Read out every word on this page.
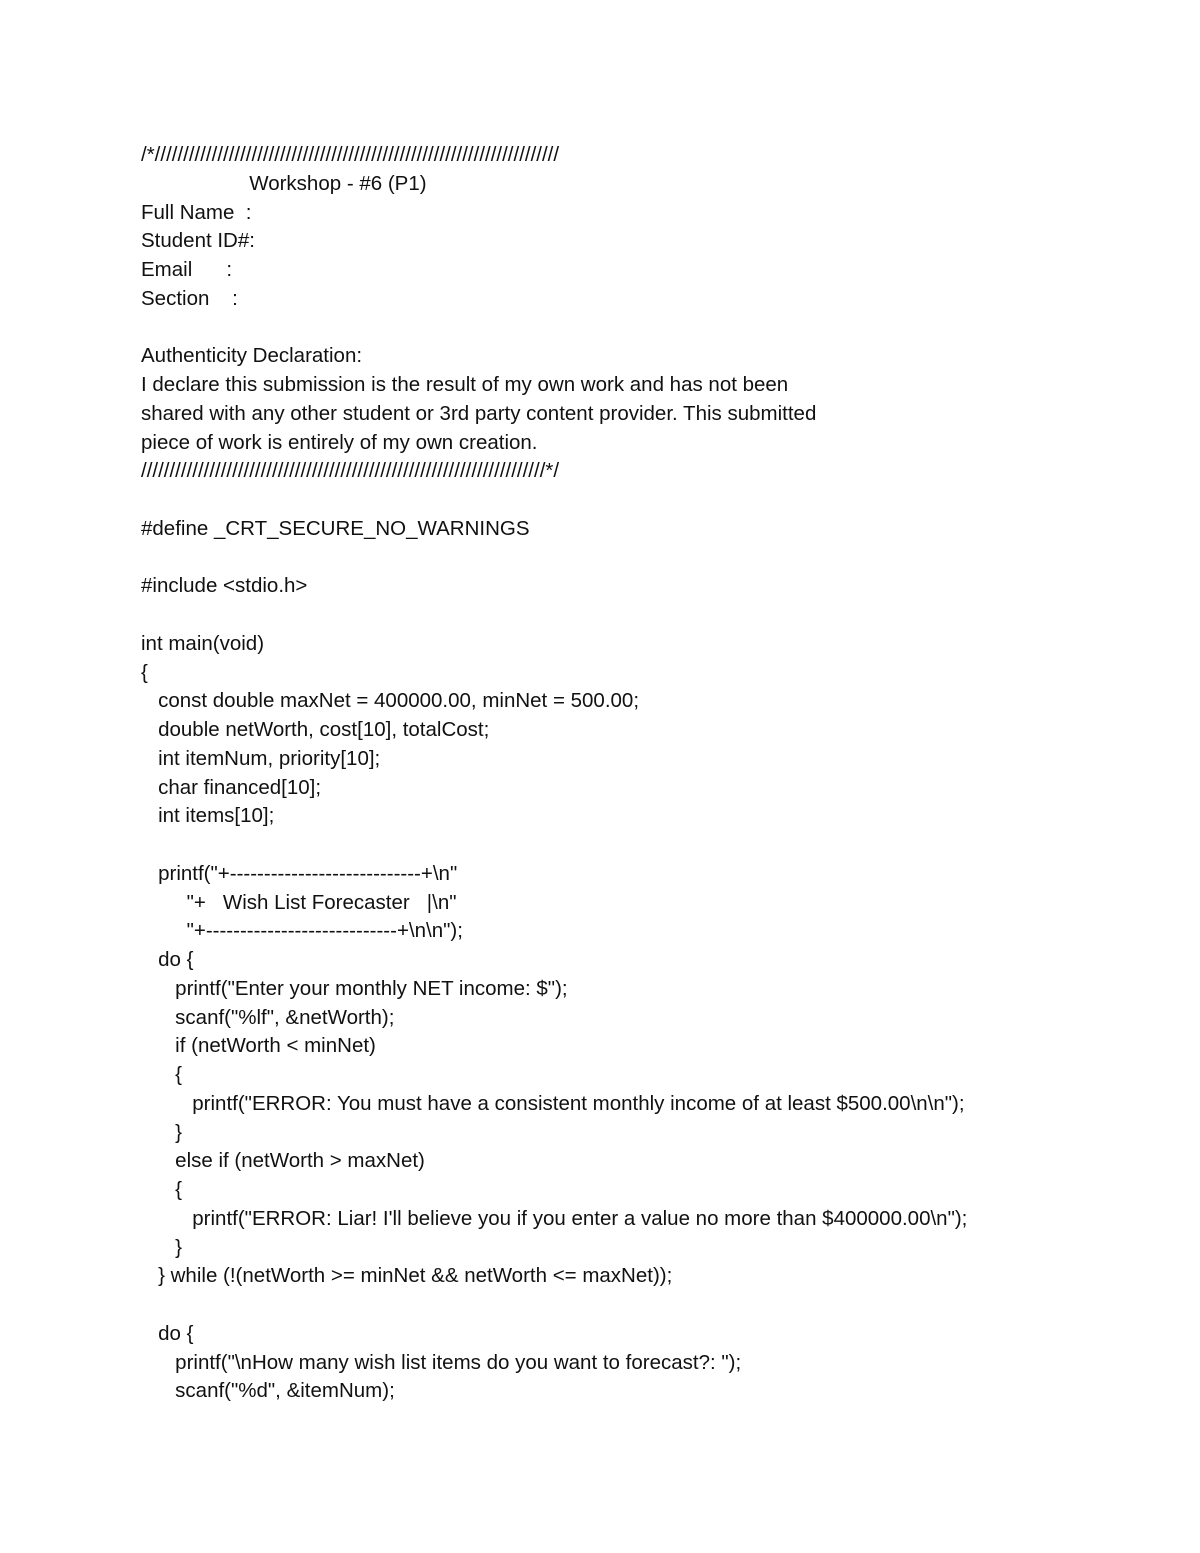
/*///////////////////////////////////////////////////////////////////////
Workshop - #6 (P1)
Full Name  :
Student ID#:
Email      :
Section    :
Authenticity Declaration:
I declare this submission is the result of my own work and has not been
shared with any other student or 3rd party content provider. This submitted
piece of work is entirely of my own creation.
///////////////////////////////////////////////////////////////////////*/
#define _CRT_SECURE_NO_WARNINGS
#include <stdio.h>
int main(void)
{
const double maxNet = 400000.00, minNet = 500.00;
double netWorth, cost[10], totalCost;
int itemNum, priority[10];
char financed[10];
int items[10];
printf("+----------------------------+\n"
"+   Wish List Forecaster   |\n"
"+----------------------------+\n\n");
do {
printf("Enter your monthly NET income: $");
scanf("%lf", &netWorth);
if (netWorth < minNet)
{
printf("ERROR: You must have a consistent monthly income of at least $500.00\n\n");
}
else if (netWorth > maxNet)
{
printf("ERROR: Liar! I'll believe you if you enter a value no more than $400000.00\n");
}
} while (!(netWorth >= minNet && netWorth <= maxNet));
do {
printf("\nHow many wish list items do you want to forecast?: ");
scanf("%d", &itemNum);
